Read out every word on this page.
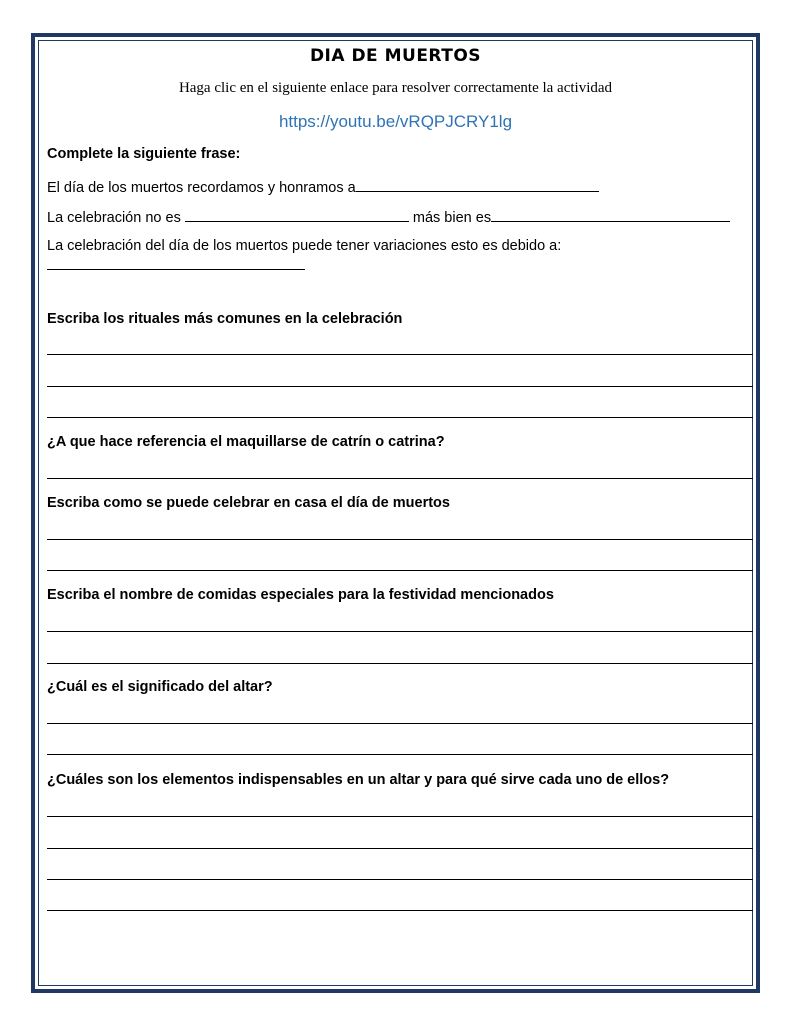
DIA DE MUERTOS
Haga clic en el siguiente enlace para resolver correctamente la actividad
https://youtu.be/vRQPJCRY1lg
Complete la siguiente frase:
El día de los muertos recordamos y honramos a
La celebración no es	más bien es
La celebración del día de los muertos puede tener variaciones esto es debido a:
Escriba los rituales más comunes en la celebración
¿A que hace referencia el maquillarse de catrín o catrina?
Escriba como se puede celebrar en casa el día de muertos
Escriba el nombre de comidas especiales para la festividad mencionados
¿Cuál es el significado del altar?
¿Cuáles son los elementos indispensables en un altar y para qué sirve cada uno de ellos?
